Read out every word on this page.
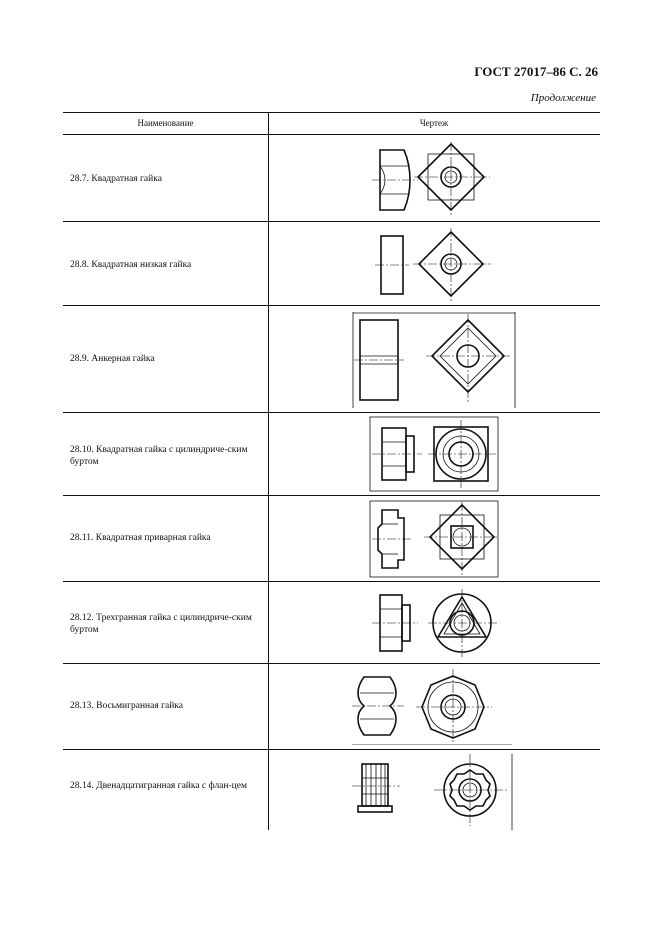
ГОСТ 27017–86 С. 26
Продолжение
Наименование	Чертеж
28.7. Квадратная гайка
28.8. Квадратная низкая гайка
28.9. Анкерная гайка
28.10. Квадратная гайка с цилиндриче-ским буртом
28.11. Квадратная приварная гайка
28.12. Трехгранная гайка с цилиндриче-ским буртом
28.13. Восьмигранная гайка
28.14. Двенадцатигранная гайка с флан-цем
